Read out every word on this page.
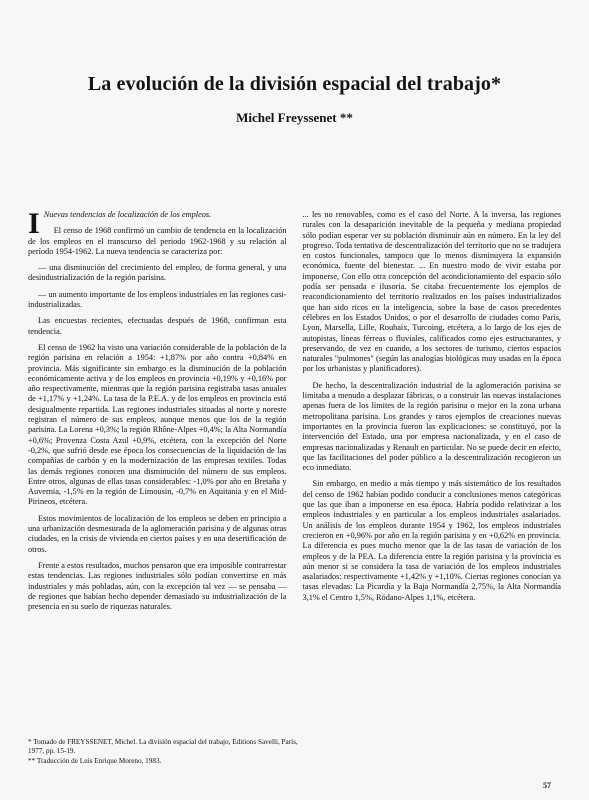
La evolución de la división espacial del trabajo*
Michel Freyssenet **

I Nuevas tendencias de localización de los empleos.

El censo de 1968 confirmó un cambio de tendencia en la localización de los empleos en el transcurso del periodo 1962-1968 y su relación al período 1954-1962. La nueva tendencia se caracteriza por:

— una disminución del crecimiento del empleo, de forma general, y una desindustrialización de la región parisina.

— un aumento importante de los empleos industriales en las regiones casi-industrializadas.

Las encuestas recientes, efectuadas después de 1968, confirman esta tendencia.

El censo de 1962 ha visto una variación considerable de la población de la región parisina en relación a 1954: +1,87% por año contra +0,84% en provincia. Más significante sin embargo es la disminución de la población económicamente activa y de los empleos en provincia +0,19% y +0,16% por año respectivamente, mientras que la región parisina registraba tasas anuales de +1,17% y +1,24%. La tasa de la P.E.A. y de los empleos en provincia está desigualmente repartida. Las regiones industriales situadas al norte y noreste registran el número de sus empleos, aunque menos que los de la región parisina. La Lorena +0,3%; la región Rhône-Alpes +0,4%; la Alta Normandía +0,6%; Provenza Costa Azul +0,9%, etcétera, con la excepción del Norte -0,2%, que sufrió desde ese época los consecuencias de la liquidación de las compañías de carbón y en la modernización de las empresas textiles. Todas las demás regiones conocen una disminución del número de sus empleos. Entre otros, algunas de ellas tasas considerables: -1,0% por año en Bretaña y Auvernia, -1,5% en la región de Limousin, -0,7% en Aquitania y en el Mid-Pirineos, etcétera.

Estos movimientos de localización de los empleos se deben en principio a una urbanización desmesurada de la aglomeración parisina y de algunas otras ciudades, en la crisis de vivienda en ciertos países y en una desertificación de otros.

Frente a estos resultados, muchos pensaron que era imposible contrarrestar estas tendencias. Las regiones industriales sólo podían convertirse en más industriales y más pobladas, aún, con la excepción tal vez — se pensaba — de regiones que habían hecho depender demasiado su industrialización de la presencia en su suelo de riquezas naturales.

... les no renovables, como es el caso del Norte. A la inversa, las regiones rurales con la desaparición inevitable de la pequeña y mediana propiedad sólo podían esperar ver su población disminuir aún en número. En la ley del progreso. Toda tentativa de descentralización del territorio que no se tradujera en costos funcionales, tampoco que lo menos disminuyera la expansión económica, fuente del bienestar. ... En nuestro modo de vivir estaba por imponerse, Con ello otra concepción del acondicionamiento del espacio sólo podía ser pensada e ilusoria. Se citaba frecuentemente los ejemplos de reacondicionamiento del territorio realizados en los países industrializados que han sido ricos en la inteligencia, sobre la base de casos precedentes célebres en los Estados Unidos, o por el desarrollo de ciudades como París, Lyon, Marsella, Lille, Roubaix, Turcoing, etcétera, a lo largo de los ejes de autopistas, líneas férreas o fluviales, calificados como ejes estructurantes, y preservando, de vez en cuando, a los sectores de turismo, ciertos espacios naturales "pulmones" (según las analogías biológicas muy usadas en la época por los urbanistas y planificadores).

De hecho, la descentralización industrial de la aglomeración parisina se limitaba a menudo a desplazar fábricas, o a construir las nuevas instalaciones apenas fuera de los límites de la región parisina o mejor en la zona urbana metropolitana parisina. Los grandes y raros ejemplos de creaciones nuevas importantes en la provincia fueron las explicaciones: se constituyó, por la intervención del Estado, una por empresa nacionalizada, y en el caso de empresas nacionalizadas y Renault en particular. No se puede decir en efecto, que las facilitaciones del poder público a la descentralización recogieron un eco inmediato.

Sin embargo, en medio a más tiempo y más sistemático de los resultados del censo de 1962 habían podido conducir a conclusiones menos categóricas que las que iban a imponerse en esa época. Habría podido relativizar a los empleos industriales y en particular a los empleos industriales asalariados. Un análisis de los empleos durante 1954 y 1962, los empleos industriales crecieron en +0,96% por año en la región parisina y en +0,62% en provincia. La diferencia es pues mucho menor que la de las tasas de variación de los empleos y de la PEA. La diferencia entre la región parisina y la provincia es aún menor si se considera la tasa de variación de los empleos industriales asalariados: respectivamente +1,42% y +1,10%. Ciertas regiones conocían ya tasas elevadas: La Picardía y la Baja Normandía 2,75%, la Alta Normandía 3,1% el Centro 1,5%, Ródano-Alpes 1,1%, etcétera.

* Tomado de FREYSSENET, Michel. La división espacial del trabajo, Editions Savelli, Paris, 1977, pp. 15-19.
** Traducción de Luis Enrique Moreno, 1983.
57
